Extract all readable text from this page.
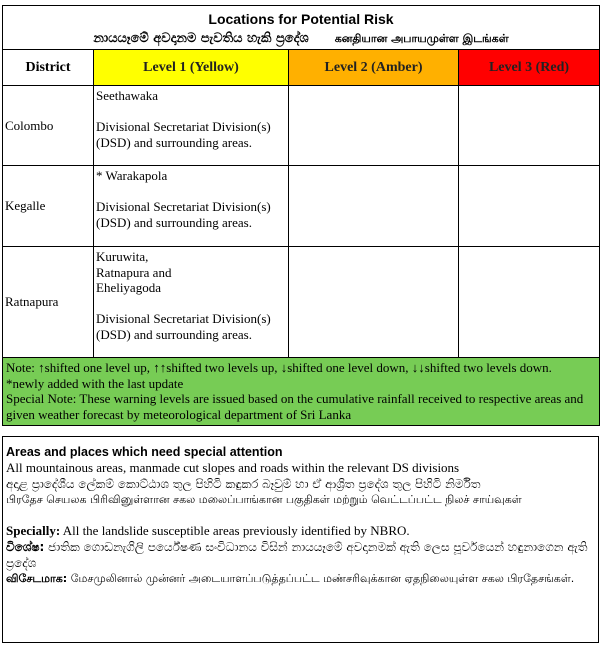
Locations for Potential Risk
නායයෑමේ අවදානම පැවතිය හැකි ප්‍රදේශ கனதியான அபாயமுள்ள இடங்கள்			

District	Level 1 (Yellow)	Level 2 (Amber)	Level 3 (Red)
Colombo	Seethawaka
Divisional Secretariat Division(s) (DSD) and surrounding areas.		

Kegalle	* Warakapola
Divisional Secretariat Division(s) (DSD) and surrounding areas.		

Ratnapura	Kuruwita, Ratnapura and Eheliyagoda
Divisional Secretariat Division(s) (DSD) and surrounding areas.		

Note: ↑shifted one level up, ↑↑shifted two levels up, ↓shifted one level down, ↓↓shifted two levels down.
*newly added with the last update
Special Note: These warning levels are issued based on the cumulative rainfall received to respective areas and given weather forecast by meteorological department of Sri Lanka			
Areas and places which need special attention
All mountainous areas, manmade cut slopes and roads within the relevant DS divisions
අදාළ ප්‍රාදේශීය ලේකම් කොට්ඨාශ තුල පිහිටි කඳුකර බෑවුම් හා ඒ ආශ්‍රිත ප්‍රදේශ තුල පිහිටි නිර්මිත
பிரதேச செயலக பிரிவினுள்ளான சகல மலைப்பாங்கான பகுதிகள் மற்றும் வெட்டப்பட்ட நிலச் சாய்வுகள்
Specially: All the landslide susceptible areas previously identified by NBRO.
විශේෂ: ජාතික ගොඩනැගිලි පර්යේෂණ සංවිධානය විසින් නායයෑමේ අවදානමක් ඇති ලෙස පූර්වයෙන් හඳුනාගෙන ඇති ප්‍රදේශ
விசேடமாக: மேசமுலினால் முன்னர் அடையாளப்படுத்தப்பட்ட மண்சரிவுக்கான ஏதநிலையுள்ள சகல பிரதேசங்கள்.
